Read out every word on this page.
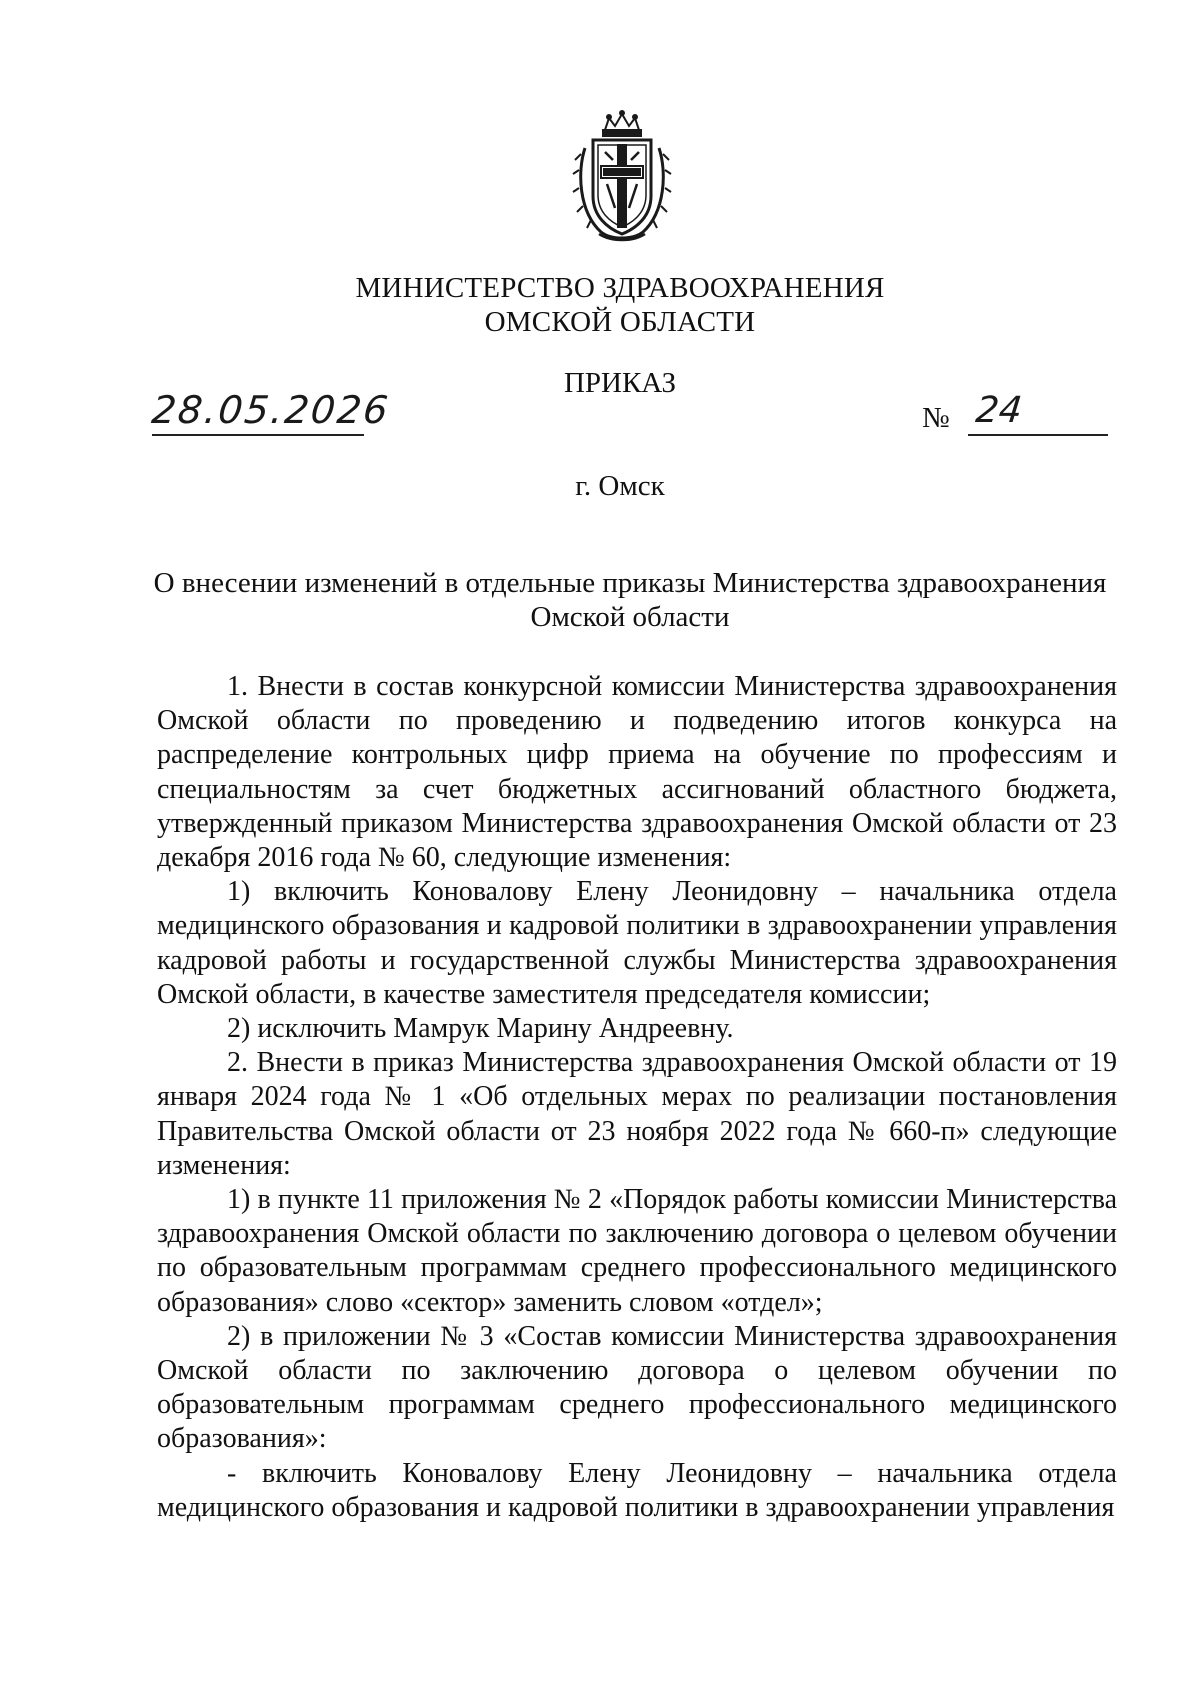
МИНИСТЕРСТВО ЗДРАВООХРАНЕНИЯ
ОМСКОЙ ОБЛАСТИ
ПРИКАЗ
28.05.2026	№ 24
г. Омск
О внесении изменений в отдельные приказы Министерства здравоохранения
Омской области

1. Внести в состав конкурсной комиссии Министерства здравоохранения Омской области по проведению и подведению итогов конкурса на распределение контрольных цифр приема на обучение по профессиям и специальностям за счет бюджетных ассигнований областного бюджета, утвержденный приказом Министерства здравоохранения Омской области от 23 декабря 2016 года № 60, следующие изменения:

1) включить Коновалову Елену Леонидовну – начальника отдела медицинского образования и кадровой политики в здравоохранении управления кадровой работы и государственной службы Министерства здравоохранения Омской области, в качестве заместителя председателя комиссии;

2) исключить Мамрук Марину Андреевну.

2. Внести в приказ Министерства здравоохранения Омской области от 19 января 2024 года № 1 «Об отдельных мерах по реализации постановления Правительства Омской области от 23 ноября 2022 года № 660-п» следующие изменения:

1) в пункте 11 приложения № 2 «Порядок работы комиссии Министерства здравоохранения Омской области по заключению договора о целевом обучении по образовательным программам среднего профессионального медицинского образования» слово «сектор» заменить словом «отдел»;

2) в приложении № 3 «Состав комиссии Министерства здравоохранения Омской области по заключению договора о целевом обучении по образовательным программам среднего профессионального медицинского образования»:

- включить Коновалову Елену Леонидовну – начальника отдела медицинского образования и кадровой политики в здравоохранении управления
